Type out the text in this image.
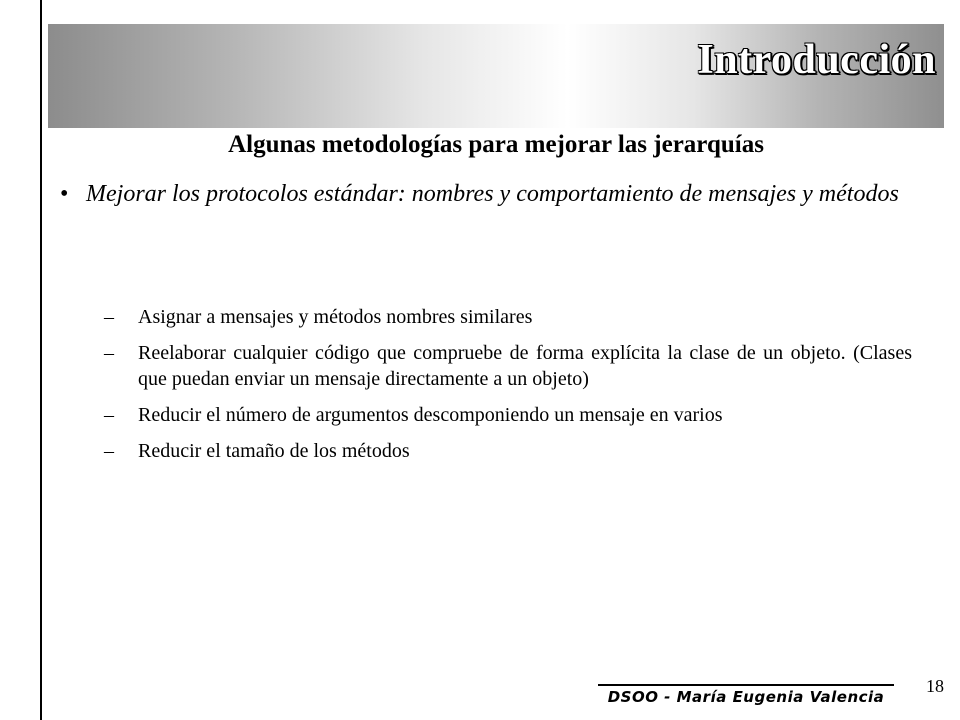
Introducción
Algunas metodologías para mejorar las jerarquías
• Mejorar los protocolos estándar: nombres y comportamiento de mensajes y métodos
– Asignar a mensajes y métodos nombres similares
– Reelaborar cualquier código que compruebe de forma explícita la clase de un objeto. (Clases que puedan enviar un mensaje directamente a un objeto)
– Reducir el número de argumentos descomponiendo un mensaje en varios
– Reducir el tamaño de los métodos
DSOO - María Eugenia Valencia
18
